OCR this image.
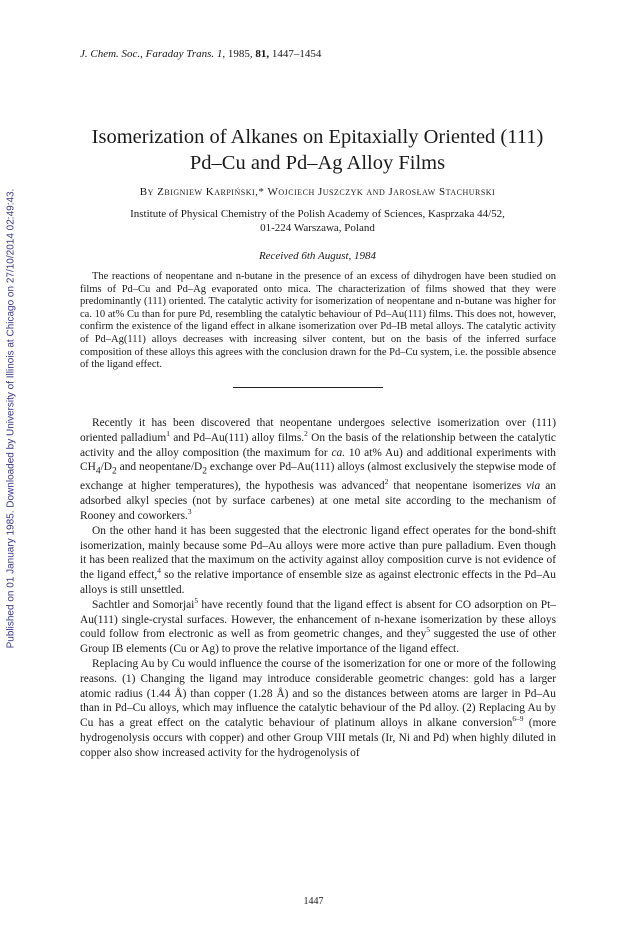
J. Chem. Soc., Faraday Trans. 1, 1985, 81, 1447–1454
Published on 01 January 1985. Downloaded by University of Illinois at Chicago on 27/10/2014 02:49:43.
Isomerization of Alkanes on Epitaxially Oriented (111)
Pd–Cu and Pd–Ag Alloy Films
By Zbigniew Karpiński,* Wojciech Juszczyk and Jarosław Stachurski
Institute of Physical Chemistry of the Polish Academy of Sciences, Kasprzaka 44/52,
01-224 Warszawa, Poland
Received 6th August, 1984

The reactions of neopentane and n-butane in the presence of an excess of dihydrogen have been studied on films of Pd–Cu and Pd–Ag evaporated onto mica. The characterization of films showed that they were predominantly (111) oriented. The catalytic activity for isomerization of neopentane and n-butane was higher for ca. 10 at% Cu than for pure Pd, resembling the catalytic behaviour of Pd–Au(111) films. This does not, however, confirm the existence of the ligand effect in alkane isomerization over Pd–IB metal alloys. The catalytic activity of Pd–Ag(111) alloys decreases with increasing silver content, but on the basis of the inferred surface composition of these alloys this agrees with the conclusion drawn for the Pd–Cu system, i.e. the possible absence of the ligand effect.

Recently it has been discovered that neopentane undergoes selective isomerization over (111) oriented palladium$^1$ and Pd–Au(111) alloy films.$^2$ On the basis of the relationship between the catalytic activity and the alloy composition (the maximum for ca. 10 at% Au) and additional experiments with $CH_4/D_2$ and neopentane/$D_2$ exchange over Pd–Au(111) alloys (almost exclusively the stepwise mode of exchange at higher temperatures), the hypothesis was advanced$^2$ that neopentane isomerizes via an adsorbed alkyl species (not by surface carbenes) at one metal site according to the mechanism of Rooney and coworkers.$^3$

On the other hand it has been suggested that the electronic ligand effect operates for the bond-shift isomerization, mainly because some Pd–Au alloys were more active than pure palladium. Even though it has been realized that the maximum on the activity against alloy composition curve is not evidence of the ligand effect,$^4$ so the relative importance of ensemble size as against electronic effects in the Pd–Au alloys is still unsettled.

Sachtler and Somorjai$^5$ have recently found that the ligand effect is absent for CO adsorption on Pt–Au(111) single-crystal surfaces. However, the enhancement of n-hexane isomerization by these alloys could follow from electronic as well as from geometric changes, and they$^5$ suggested the use of other Group IB elements (Cu or Ag) to prove the relative importance of the ligand effect.

Replacing Au by Cu would influence the course of the isomerization for one or more of the following reasons. (1) Changing the ligand may introduce considerable geometric changes: gold has a larger atomic radius (1.44 Å) than copper (1.28 Å) and so the distances between atoms are larger in Pd–Au than in Pd–Cu alloys, which may influence the catalytic behaviour of the Pd alloy. (2) Replacing Au by Cu has a great effect on the catalytic behaviour of platinum alloys in alkane conversion$^{6-9}$ (more hydrogenolysis occurs with copper) and other Group VIII metals (Ir, Ni and Pd) when highly diluted in copper also show increased activity for the hydrogenolysis of

1447
